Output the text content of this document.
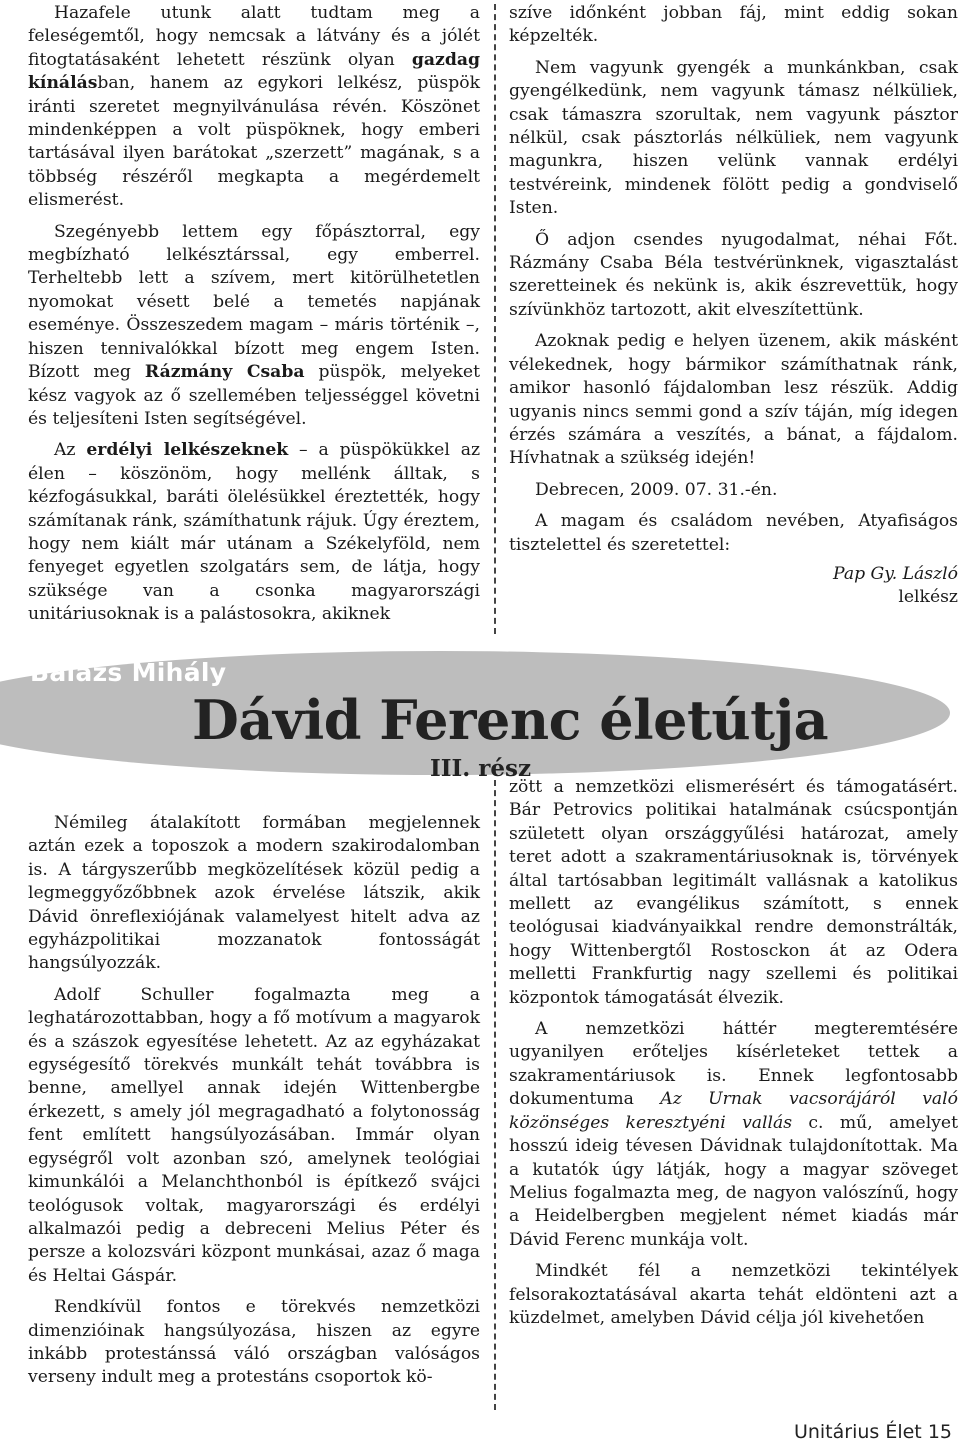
Hazafele utunk alatt tudtam meg a feleségemtől, hogy nemcsak a látvány és a jólét fitogtatásaként lehetett részünk olyan gazdag kínálásban, hanem az egykori lelkész, püspök iránti szeretet megnyilvánulása révén. Köszönet mindenképpen a volt püspöknek, hogy emberi tartásával ilyen barátokat „szerzett” magának, s a többség részéről megkapta a megérdemelt elismerést.

Szegényebb lettem egy főpásztorral, egy megbízható lelkésztárssal, egy emberrel. Terheltebb lett a szívem, mert kitörülhetetlen nyomokat vésett belé a temetés napjának eseménye. Összeszedem magam – máris történik –, hiszen tennivalókkal bízott meg engem Isten. Bízott meg Rázmány Csaba püspök, melyeket kész vagyok az ő szellemében teljességgel követni és teljesíteni Isten segítségével.

Az erdélyi lelkészeknek – a püspökükkel az élen – köszönöm, hogy mellénk álltak, s kézfogásukkal, baráti ölelésükkel éreztették, hogy számítanak ránk, számíthatunk rájuk. Úgy éreztem, hogy nem kiált már utánam a Székelyföld, nem fenyeget egyetlen szolgatárs sem, de látja, hogy szüksége van a csonka magyarországi unitáriusoknak is a palástosokra, akiknek

szíve időnként jobban fáj, mint eddig sokan képzelték.

Nem vagyunk gyengék a munkánkban, csak gyengélkedünk, nem vagyunk támasz nélküliek, csak támaszra szorultak, nem vagyunk pásztor nélkül, csak pásztorlás nélküliek, nem vagyunk magunkra, hiszen velünk vannak erdélyi testvéreink, mindenek fölött pedig a gondviselő Isten.

Ő adjon csendes nyugodalmat, néhai Főt. Rázmány Csaba Béla testvérünknek, vigasztalást szeretteinek és nekünk is, akik észrevettük, hogy szívünkhöz tartozott, akit elveszítettünk.

Azoknak pedig e helyen üzenem, akik másként vélekednek, hogy bármikor számíthatnak ránk, amikor hasonló fájdalomban lesz részük. Addig ugyanis nincs semmi gond a szív táján, míg idegen érzés számára a veszítés, a bánat, a fájdalom. Hívhatnak a szükség idején!

Debrecen, 2009. 07. 31.-én.

A magam és családom nevében, Atyafiságos tisztelettel és szeretettel:

Pap Gy. László

lelkész

Balázs Mihály
Dávid Ferenc életútja
III. rész

Némileg átalakított formában megjelennek aztán ezek a toposzok a modern szakirodalomban is. A tárgyszerűbb megközelítések közül pedig a legmeggyőzőbbnek azok érvelése látszik, akik Dávid önreflexiójának valamelyest hitelt adva az egyházpolitikai mozzanatok fontosságát hangsúlyozzák.

Adolf Schuller fogalmazta meg a leghatározottabban, hogy a fő motívum a magyarok és a szászok egyesítése lehetett. Az az egyházakat egységesítő törekvés munkált tehát továbbra is benne, amellyel annak idején Wittenbergbe érkezett, s amely jól megragadható a folytonosság fent említett hangsúlyozásában. Immár olyan egységről volt azonban szó, amelynek teológiai kimunkálói a Melanchthonból is építkező svájci teológusok voltak, magyarországi és erdélyi alkalmazói pedig a debreceni Melius Péter és persze a kolozsvári központ munkásai, azaz ő maga és Heltai Gáspár.

Rendkívül fontos e törekvés nemzetközi dimenzióinak hangsúlyozása, hiszen az egyre inkább protestánssá váló országban valóságos verseny indult meg a protestáns csoportok kö-

zött a nemzetközi elismerésért és támogatásért. Bár Petrovics politikai hatalmának csúcspontján született olyan országgyűlési határozat, amely teret adott a szakramentáriusoknak is, törvények által tartósabban legitimált vallásnak a katolikus mellett az evangélikus számított, s ennek teológusai kiadványaikkal rendre demonstrálták, hogy Wittenbergtől Rostosckon át az Odera melletti Frankfurtig nagy szellemi és politikai központok támogatását élvezik.

A nemzetközi háttér megteremtésére ugyanilyen erőteljes kísérleteket tettek a szakramentáriusok is. Ennek legfontosabb dokumentuma Az Urnak vacsorájáról való közönséges keresztyéni vallás c. mű, amelyet hosszú ideig tévesen Dávidnak tulajdonítottak. Ma a kutatók úgy látják, hogy a magyar szöveget Melius fogalmazta meg, de nagyon valószínű, hogy a Heidelbergben megjelent német kiadás már Dávid Ferenc munkája volt.

Mindkét fél a nemzetközi tekintélyek felsorakoztatásával akarta tehát eldönteni azt a küzdelmet, amelyben Dávid célja jól kivehetően

Unitárius Élet 15
